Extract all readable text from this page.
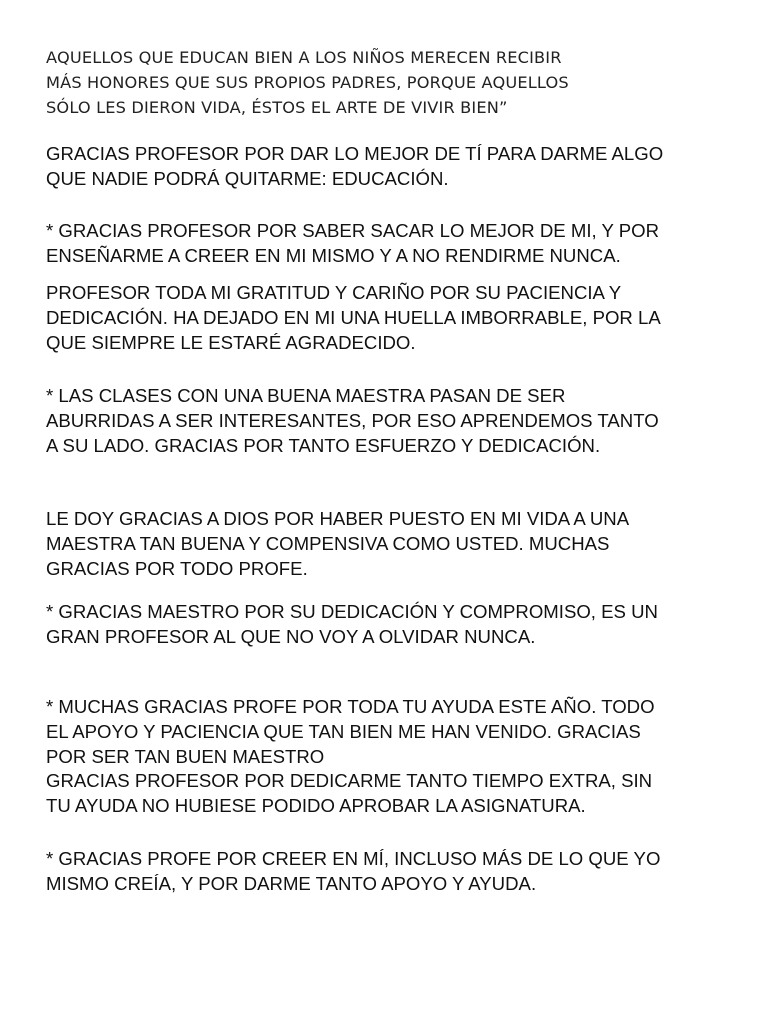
AQUELLOS QUE EDUCAN BIEN A LOS NIÑOS MERECEN RECIBIR
MÁS HONORES QUE SUS PROPIOS PADRES, PORQUE AQUELLOS
SÓLO LES DIERON VIDA, ÉSTOS EL ARTE DE VIVIR BIEN”

GRACIAS PROFESOR POR DAR LO MEJOR DE TÍ PARA DARME ALGO
QUE NADIE PODRÁ QUITARME: EDUCACIÓN.

* GRACIAS PROFESOR POR SABER SACAR LO MEJOR DE MI, Y POR
ENSEÑARME A CREER EN MI MISMO Y A NO RENDIRME NUNCA.

PROFESOR TODA MI GRATITUD Y CARIÑO POR SU PACIENCIA Y
DEDICACIÓN. HA DEJADO EN MI UNA HUELLA IMBORRABLE, POR LA
QUE SIEMPRE LE ESTARÉ AGRADECIDO.

* LAS CLASES CON UNA BUENA MAESTRA PASAN DE SER
ABURRIDAS A SER INTERESANTES, POR ESO APRENDEMOS TANTO
A SU LADO. GRACIAS POR TANTO ESFUERZO Y DEDICACIÓN.

LE DOY GRACIAS A DIOS POR HABER PUESTO EN MI VIDA A UNA
MAESTRA TAN BUENA Y COMPENSIVA COMO USTED. MUCHAS
GRACIAS POR TODO PROFE.

* GRACIAS MAESTRO POR SU DEDICACIÓN Y COMPROMISO, ES UN
GRAN PROFESOR AL QUE NO VOY A OLVIDAR NUNCA.

* MUCHAS GRACIAS PROFE POR TODA TU AYUDA ESTE AÑO. TODO
EL APOYO Y PACIENCIA QUE TAN BIEN ME HAN VENIDO. GRACIAS
POR SER TAN BUEN MAESTRO

GRACIAS PROFESOR POR DEDICARME TANTO TIEMPO EXTRA, SIN
TU AYUDA NO HUBIESE PODIDO APROBAR LA ASIGNATURA.

* GRACIAS PROFE POR CREER EN MÍ, INCLUSO MÁS DE LO QUE YO
MISMO CREÍA, Y POR DARME TANTO APOYO Y AYUDA.
